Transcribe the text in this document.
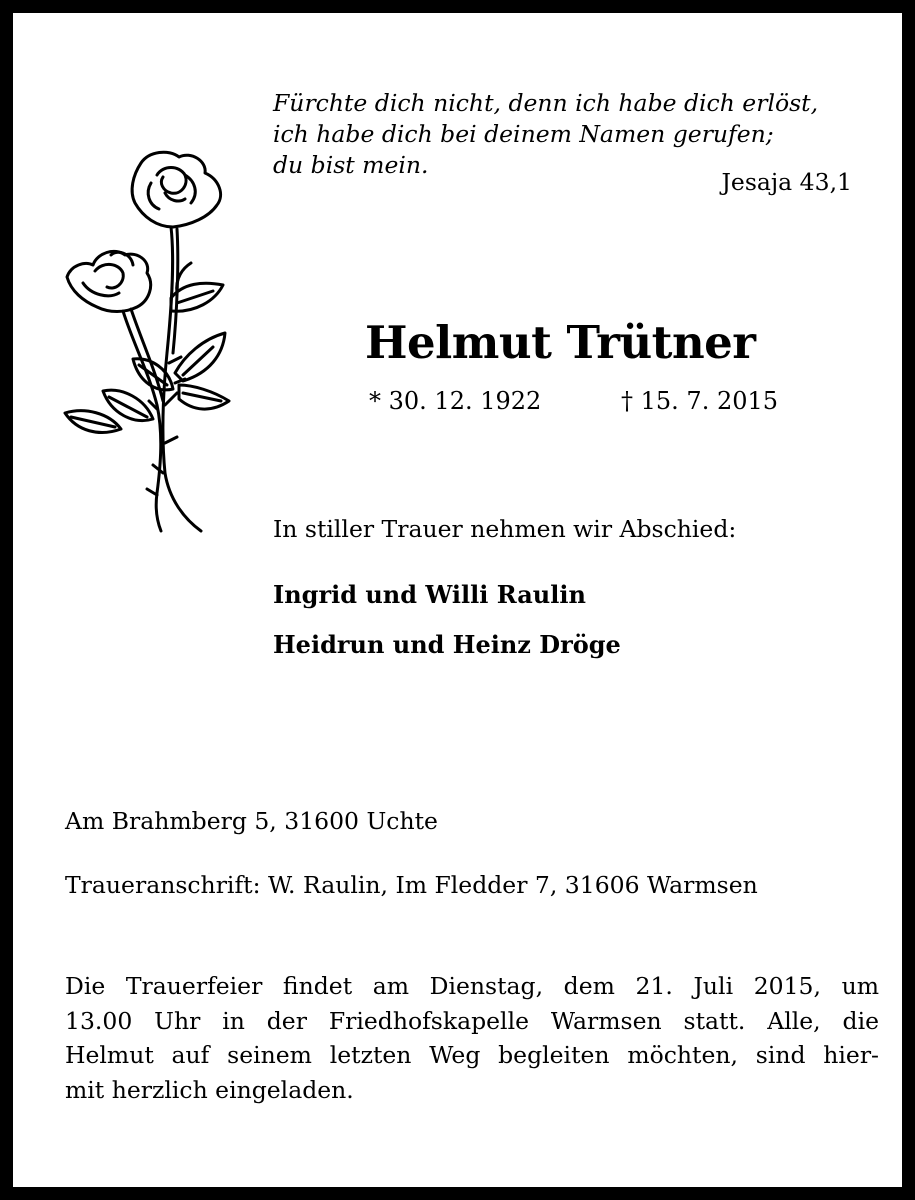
Fürchte dich nicht, denn ich habe dich erlöst,
ich habe dich bei deinem Namen gerufen;
du bist mein.
Jesaja 43,1
Helmut Trütner
* 30. 12. 1922	† 15. 7. 2015
In stiller Trauer nehmen wir Abschied:
Ingrid und Willi Raulin
Heidrun und Heinz Dröge
Am Brahmberg 5, 31600 Uchte
Traueranschrift: W. Raulin, Im Fledder 7, 31606 Warmsen
Die Trauerfeier findet am Dienstag, dem 21. Juli 2015, um
13.00 Uhr in der Friedhofskapelle Warmsen statt. Alle, die
Helmut auf seinem letzten Weg begleiten möchten, sind hier-
mit herzlich eingeladen.
